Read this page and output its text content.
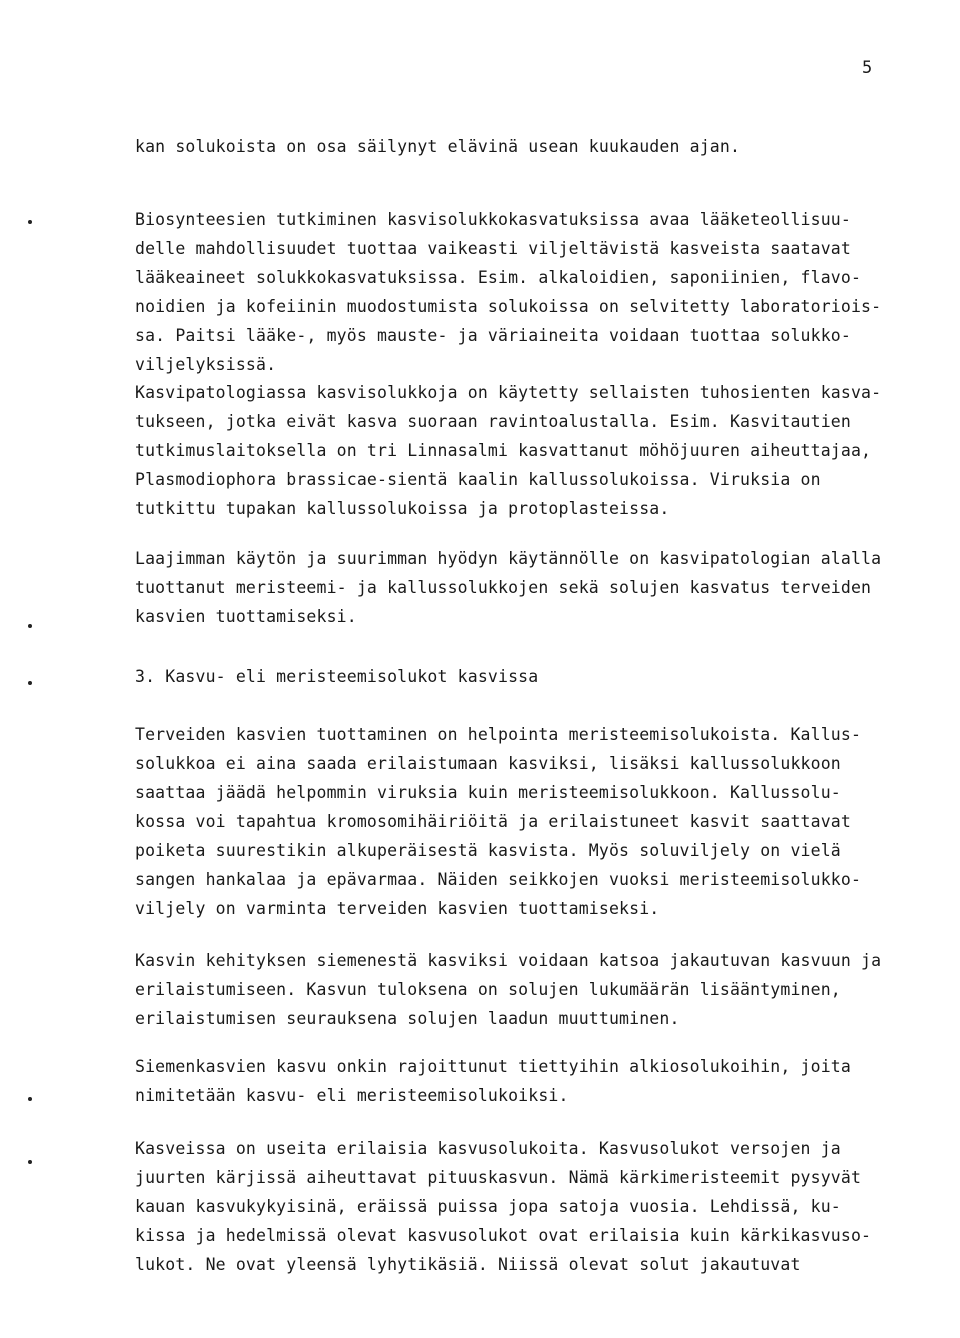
5
kan solukoista on osa säilynyt elävinä usean kuukauden ajan.
Biosynteesien tutkiminen kasvisolukkokasvatuksissa avaa lääketeollisuu-
delle mahdollisuudet tuottaa vaikeasti viljeltävistä kasveista saatavat
lääkeaineet solukkokasvatuksissa. Esim. alkaloidien, saponiinien, flavo-
noidien ja kofeiinin muodostumista solukoissa on selvitetty laboratoriois-
sa. Paitsi lääke-, myös mauste- ja väriaineita voidaan tuottaa solukko-
viljelyksissä.
Kasvipatologiassa kasvisolukkoja on käytetty sellaisten tuhosienten kasva-
tukseen, jotka eivät kasva suoraan ravintoalustalla. Esim. Kasvitautien
tutkimuslaitoksella on tri Linnasalmi kasvattanut möhöjuuren aiheuttajaa,
Plasmodiophora brassicae-sientä kaalin kallussolukoissa. Viruksia on
tutkittu tupakan kallussolukoissa ja protoplasteissa.
Laajimman käytön ja suurimman hyödyn käytännölle on kasvipatologian alalla
tuottanut meristeemi- ja kallussolukkojen sekä solujen kasvatus terveiden
kasvien tuottamiseksi.
3. Kasvu- eli meristeemisolukot kasvissa
Terveiden kasvien tuottaminen on helpointa meristeemisolukoista. Kallus-
solukkoa ei aina saada erilaistumaan kasviksi, lisäksi kallussolukkoon
saattaa jäädä helpommin viruksia kuin meristeemisolukkoon. Kallussolu-
kossa voi tapahtua kromosomihäiriöitä ja erilaistuneet kasvit saattavat
poiketa suurestikin alkuperäisestä kasvista. Myös soluviljely on vielä
sangen hankalaa ja epävarmaa. Näiden seikkojen vuoksi meristeemisolukko-
viljely on varminta terveiden kasvien tuottamiseksi.
Kasvin kehityksen siemenestä kasviksi voidaan katsoa jakautuvan kasvuun ja
erilaistumiseen. Kasvun tuloksena on solujen lukumäärän lisääntyminen,
erilaistumisen seurauksena solujen laadun muuttuminen.
Siemenkasvien kasvu onkin rajoittunut tiettyihin alkiosolukoihin, joita
nimitetään kasvu- eli meristeemisolukoiksi.
Kasveissa on useita erilaisia kasvusolukoita. Kasvusolukot versojen ja
juurten kärjissä aiheuttavat pituuskasvun. Nämä kärkimeristeemit pysyvät
kauan kasvukykyisinä, eräissä puissa jopa satoja vuosia. Lehdissä, ku-
kissa ja hedelmissä olevat kasvusolukot ovat erilaisia kuin kärkikasvuso-
lukot. Ne ovat yleensä lyhytikäsiä. Niissä olevat solut jakautuvat
